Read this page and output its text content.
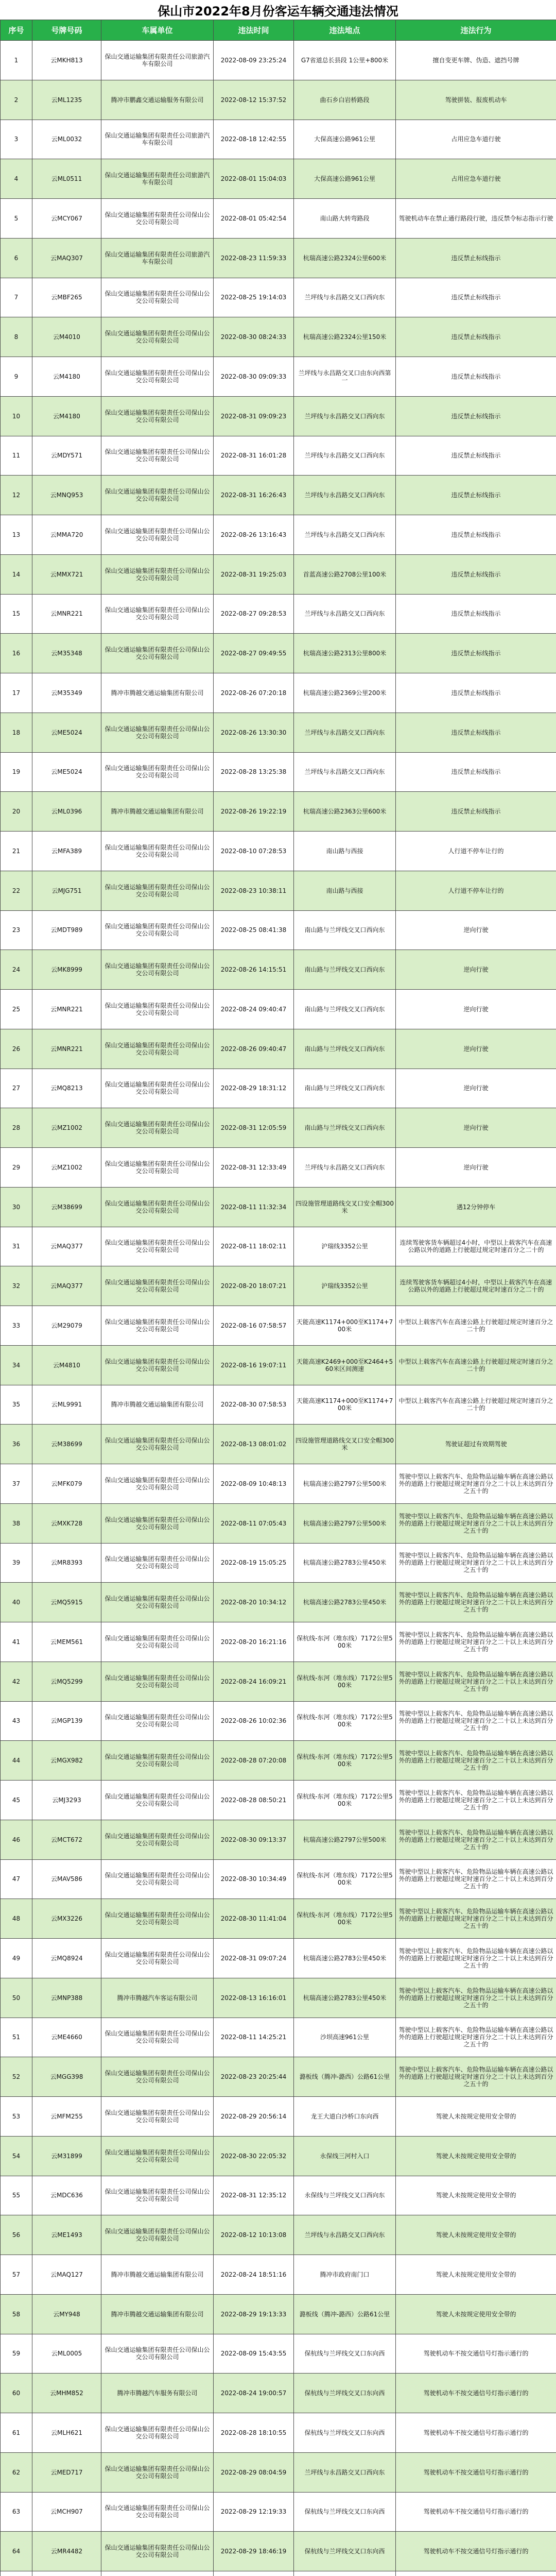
保山市2022年8月份客运车辆交通违法情况
序号	号牌号码	车属单位	违法时间	违法地点	违法行为
1	云MKH813	保山交通运输集团有限责任公司旅游汽车有限公司	2022-08-09 23:25:24	G7省道总长县段 1公里+800米	擅自变更车牌、伪造、遮挡号牌
2	云ML1235	腾冲市鹏鑫交通运输服务有限公司	2022-08-12 15:37:52	曲石乡白岩桥路段	驾驶拼装、报废机动车
3	云ML0032	保山交通运输集团有限责任公司旅游汽车有限公司	2022-08-18 12:42:55	大保高速公路961公里	占用应急车道行驶
4	云ML0511	保山交通运输集团有限责任公司旅游汽车有限公司	2022-08-01 15:04:03	大保高速公路961公里	占用应急车道行驶
5	云MCY067	保山交通运输集团有限责任公司保山公交公司有限公司	2022-08-01 05:42:54	南山路大转弯路段	驾驶机动车在禁止通行路段行驶，违反禁令标志指示行驶
6	云MAQ307	保山交通运输集团有限责任公司旅游汽车有限公司	2022-08-23 11:59:33	杭瑞高速公路2324公里600米	违反禁止标线指示
7	云MBF265	保山交通运输集团有限责任公司保山公交公司有限公司	2022-08-25 19:14:03	兰坪线与永昌路交叉口西向东	违反禁止标线指示
8	云M4010	保山交通运输集团有限责任公司保山公交公司有限公司	2022-08-30 08:24:33	杭瑞高速公路2324公里150米	违反禁止标线指示
9	云M4180	保山交通运输集团有限责任公司保山公交公司有限公司	2022-08-30 09:09:33	兰坪线与永昌路交叉口由东向西第一	违反禁止标线指示
10	云M4180	保山交通运输集团有限责任公司保山公交公司有限公司	2022-08-31 09:09:23	兰坪线与永昌路交叉口西向东	违反禁止标线指示
11	云MDY571	保山交通运输集团有限责任公司保山公交公司有限公司	2022-08-31 16:01:28	兰坪线与永昌路交叉口西向东	违反禁止标线指示
12	云MNQ953	保山交通运输集团有限责任公司保山公交公司有限公司	2022-08-31 16:26:43	兰坪线与永昌路交叉口西向东	违反禁止标线指示
13	云MMA720	保山交通运输集团有限责任公司保山公交公司有限公司	2022-08-26 13:16:43	兰坪线与永昌路交叉口西向东	违反禁止标线指示
14	云MMX721	保山交通运输集团有限责任公司保山公交公司有限公司	2022-08-31 19:25:03	首蓝高速公路2708公里100米	违反禁止标线指示
15	云MNR221	保山交通运输集团有限责任公司保山公交公司有限公司	2022-08-27 09:28:53	兰坪线与永昌路交叉口西向东	违反禁止标线指示
16	云M35348	保山交通运输集团有限责任公司保山公交公司有限公司	2022-08-27 09:49:55	杭瑞高速公路2313公里800米	违反禁止标线指示
17	云M35349	腾冲市腾越交通运输集团有限公司	2022-08-26 07:20:18	杭瑞高速公路2369公里200米	违反禁止标线指示
18	云ME5024	保山交通运输集团有限责任公司保山公交公司有限公司	2022-08-26 13:30:30	兰坪线与永昌路交叉口西向东	违反禁止标线指示
19	云ME5024	保山交通运输集团有限责任公司保山公交公司有限公司	2022-08-28 13:25:38	兰坪线与永昌路交叉口西向东	违反禁止标线指示
20	云ML0396	腾冲市腾越交通运输集团有限公司	2022-08-26 19:22:19	杭瑞高速公路2363公里600米	违反禁止标线指示
21	云MFA389	保山交通运输集团有限责任公司保山公交公司有限公司	2022-08-10 07:28:53	南山路与西接	人行道不停车让行的
22	云MJG751	保山交通运输集团有限责任公司保山公交公司有限公司	2022-08-23 10:38:11	南山路与西接	人行道不停车让行的
23	云MDT989	保山交通运输集团有限责任公司保山公交公司有限公司	2022-08-25 08:41:38	南山路与兰坪线交叉口西向东	逆向行驶
24	云MK8999	保山交通运输集团有限责任公司保山公交公司有限公司	2022-08-26 14:15:51	南山路与兰坪线交叉口西向东	逆向行驶
25	云MNR221	保山交通运输集团有限责任公司保山公交公司有限公司	2022-08-24 09:40:47	南山路与兰坪线交叉口西向东	逆向行驶
26	云MNR221	保山交通运输集团有限责任公司保山公交公司有限公司	2022-08-26 09:40:47	南山路与兰坪线交叉口西向东	逆向行驶
27	云MQ8213	保山交通运输集团有限责任公司保山公交公司有限公司	2022-08-29 18:31:12	南山路与兰坪线交叉口西向东	逆向行驶
28	云MZ1002	保山交通运输集团有限责任公司保山公交公司有限公司	2022-08-31 12:05:59	南山路与兰坪线交叉口西向东	逆向行驶
29	云MZ1002	保山交通运输集团有限责任公司保山公交公司有限公司	2022-08-31 12:33:49	兰坪线与永昌路交叉口西向东	逆向行驶
30	云M38699	保山交通运输集团有限责任公司保山公交公司有限公司	2022-08-11 11:32:34	四设施管理道路线交叉口安全帽300米	遇12分钟停车
31	云MAQ377	保山交通运输集团有限责任公司保山公交公司有限公司	2022-08-11 18:02:11	沪瑞线3352公里	连续驾驶客货车辆超过4小时，中型以上载客汽车在高速公路以外的道路上行驶超过规定时速百分之二十的
32	云MAQ377	保山交通运输集团有限责任公司保山公交公司有限公司	2022-08-20 18:07:21	沪瑞线3352公里	连续驾驶客货车辆超过4小时，中型以上载客汽车在高速公路以外的道路上行驶超过规定时速百分之二十的
33	云M29079	保山交通运输集团有限责任公司保山公交公司有限公司	2022-08-16 07:58:57	天能高速K1174+000至K1174+700米	中型以上载客汽车在高速公路上行驶超过规定时速百分之二十的
34	云M4810	保山交通运输集团有限责任公司保山公交公司有限公司	2022-08-16 19:07:11	天能高速K2469+000至K2464+560米区间测速	中型以上载客汽车在高速公路上行驶超过规定时速百分之二十的
35	云ML9991	腾冲市腾越交通运输集团有限公司	2022-08-30 07:58:53	天能高速K1174+000至K1174+700米	中型以上载客汽车在高速公路上行驶超过规定时速百分之二十的
36	云M38699	保山交通运输集团有限责任公司保山公交公司有限公司	2022-08-13 08:01:02	四设施管理道路线交叉口安全帽300米	驾驶证超过有效期驾驶
37	云MFK079	保山交通运输集团有限责任公司保山公交公司有限公司	2022-08-09 10:48:13	杭瑞高速公路2797公里500米	驾驶中型以上载客汽车、危险物品运输车辆在高速公路以外的道路上行驶超过规定时速百分之二十以上未达到百分之五十的
38	云MXK728	保山交通运输集团有限责任公司保山公交公司有限公司	2022-08-11 07:05:43	杭瑞高速公路2797公里500米	驾驶中型以上载客汽车、危险物品运输车辆在高速公路以外的道路上行驶超过规定时速百分之二十以上未达到百分之五十的
39	云MR8393	保山交通运输集团有限责任公司保山公交公司有限公司	2022-08-19 15:05:25	杭瑞高速公路2783公里450米	驾驶中型以上载客汽车、危险物品运输车辆在高速公路以外的道路上行驶超过规定时速百分之二十以上未达到百分之五十的
40	云MQ5915	保山交通运输集团有限责任公司保山公交公司有限公司	2022-08-20 10:34:12	杭瑞高速公路2783公里450米	驾驶中型以上载客汽车、危险物品运输车辆在高速公路以外的道路上行驶超过规定时速百分之二十以上未达到百分之五十的
41	云MEM561	保山交通运输集团有限责任公司保山公交公司有限公司	2022-08-20 16:21:16	保杭线-东河（堆东线）7172公里500米	驾驶中型以上载客汽车、危险物品运输车辆在高速公路以外的道路上行驶超过规定时速百分之二十以上未达到百分之五十的
42	云MQ5299	保山交通运输集团有限责任公司保山公交公司有限公司	2022-08-24 16:09:21	保杭线-东河（堆东线）7172公里500米	驾驶中型以上载客汽车、危险物品运输车辆在高速公路以外的道路上行驶超过规定时速百分之二十以上未达到百分之五十的
43	云MGP139	保山交通运输集团有限责任公司保山公交公司有限公司	2022-08-26 10:02:36	保杭线-东河（堆东线）7172公里500米	驾驶中型以上载客汽车、危险物品运输车辆在高速公路以外的道路上行驶超过规定时速百分之二十以上未达到百分之五十的
44	云MGX982	保山交通运输集团有限责任公司保山公交公司有限公司	2022-08-28 07:20:08	保杭线-东河（堆东线）7172公里500米	驾驶中型以上载客汽车、危险物品运输车辆在高速公路以外的道路上行驶超过规定时速百分之二十以上未达到百分之五十的
45	云MJ3293	保山交通运输集团有限责任公司保山公交公司有限公司	2022-08-28 08:50:21	保杭线-东河（堆东线）7172公里500米	驾驶中型以上载客汽车、危险物品运输车辆在高速公路以外的道路上行驶超过规定时速百分之二十以上未达到百分之五十的
46	云MCT672	保山交通运输集团有限责任公司保山公交公司有限公司	2022-08-30 09:13:37	杭瑞高速公路2797公里500米	驾驶中型以上载客汽车、危险物品运输车辆在高速公路以外的道路上行驶超过规定时速百分之二十以上未达到百分之五十的
47	云MAV586	保山交通运输集团有限责任公司保山公交公司有限公司	2022-08-30 10:34:49	保杭线-东河（堆东线）7172公里500米	驾驶中型以上载客汽车、危险物品运输车辆在高速公路以外的道路上行驶超过规定时速百分之二十以上未达到百分之五十的
48	云MX3226	保山交通运输集团有限责任公司保山公交公司有限公司	2022-08-30 11:41:04	保杭线-东河（堆东线）7172公里500米	驾驶中型以上载客汽车、危险物品运输车辆在高速公路以外的道路上行驶超过规定时速百分之二十以上未达到百分之五十的
49	云MQ8924	保山交通运输集团有限责任公司保山公交公司有限公司	2022-08-31 09:07:24	杭瑞高速公路2783公里450米	驾驶中型以上载客汽车、危险物品运输车辆在高速公路以外的道路上行驶超过规定时速百分之二十以上未达到百分之五十的
50	云MNP388	腾冲市腾越汽车客运有限公司	2022-08-13 16:16:01	杭瑞高速公路2783公里450米	驾驶中型以上载客汽车、危险物品运输车辆在高速公路以外的道路上行驶超过规定时速百分之二十以上未达到百分之五十的
51	云ME4660	保山交通运输集团有限责任公司保山公交公司有限公司	2022-08-11 14:25:21	沙坝高速961公里	驾驶中型以上载客汽车、危险物品运输车辆在高速公路以外的道路上行驶超过规定时速百分之二十以上未达到百分之五十的
52	云MGG398	保山交通运输集团有限责任公司保山公交公司有限公司	2022-08-23 20:25:44	潞板线（腾冲-潞西）公路61公里	驾驶中型以上载客汽车、危险物品运输车辆在高速公路以外的道路上行驶超过规定时速百分之二十以上未达到百分之五十的
53	云MFM255	保山交通运输集团有限责任公司保山公交公司有限公司	2022-08-29 20:56:14	龙王大道白沙桥口东向西	驾驶人未按规定使用安全带的
54	云M31899	保山交通运输集团有限责任公司保山公交公司有限公司	2022-08-30 22:05:32	永保线三河村入口	驾驶人未按规定使用安全带的
55	云MDC636	保山交通运输集团有限责任公司保山公交公司有限公司	2022-08-31 12:35:12	永保线与兰坪线交叉口西向东	驾驶人未按规定使用安全带的
56	云ME1493	保山交通运输集团有限责任公司保山公交公司有限公司	2022-08-12 10:13:08	兰坪线与永昌路交叉口西向东	驾驶人未按规定使用安全带的
57	云MAQ127	腾冲市腾越交通运输集团有限公司	2022-08-24 18:51:16	腾冲市政府南门口	驾驶人未按规定使用安全带的
58	云MY948	腾冲市腾越交通运输集团有限公司	2022-08-29 19:13:33	潞板线（腾冲-潞西）公路61公里	驾驶人未按规定使用安全带的
59	云ML0005	保山交通运输集团有限责任公司保山公交公司有限公司	2022-08-09 15:43:55	保杭线与兰坪线交叉口东向西	驾驶机动车不按交通信号灯指示通行的
60	云MHM852	腾冲市腾越汽车服务有限公司	2022-08-24 19:00:57	保杭线与兰坪线交叉口东向西	驾驶机动车不按交通信号灯指示通行的
61	云MLH621	保山交通运输集团有限责任公司保山公交公司有限公司	2022-08-28 18:10:55	保杭线与兰坪线交叉口东向西	驾驶机动车不按交通信号灯指示通行的
62	云MED717	保山交通运输集团有限责任公司保山公交公司有限公司	2022-08-29 08:04:59	兰坪线与永昌路交叉口西向东	驾驶机动车不按交通信号灯指示通行的
63	云MCH907	保山交通运输集团有限责任公司保山公交公司有限公司	2022-08-29 12:19:33	保杭线与兰坪线交叉口东向西	驾驶机动车不按交通信号灯指示通行的
64	云MR4482	保山交通运输集团有限责任公司保山公交公司有限公司	2022-08-29 18:46:19	保杭线与兰坪线交叉口东向西	驾驶机动车不按交通信号灯指示通行的
